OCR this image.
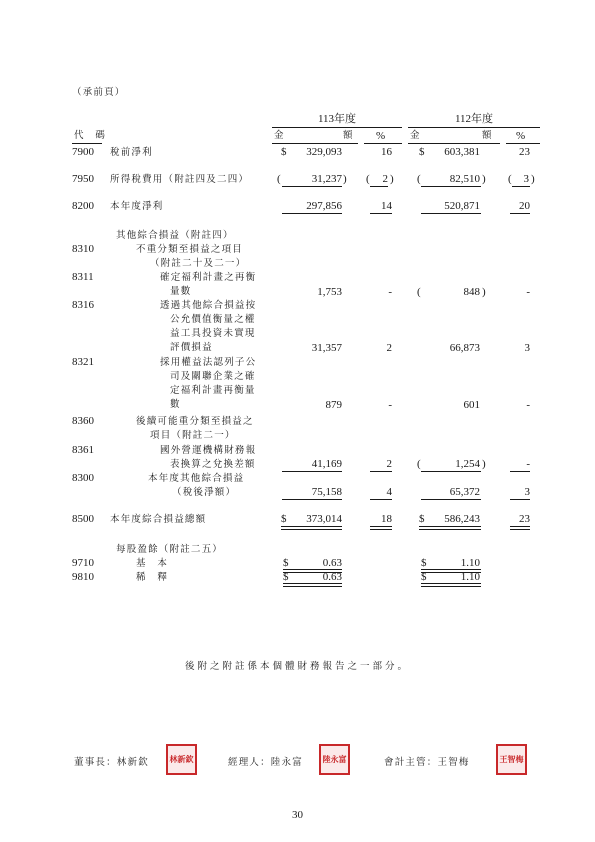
（承前頁）
113年度	112年度
代　碼	金	額 %	金	額 %
7900 稅前淨利	$	329,093	16 $	603,381	23
7950 所得稅費用（附註四及二四）	(	31,237 ) (	2 ) (	82,510 ) (	3 )
8200 本年度淨利	297,856	14	520,871	20
其他綜合損益（附註四）
8310	不重分類至損益之項目
（附註二十及二一）
8311	確定福利計畫之再衡
量數	1,753	- (	848 )	-
8316	透過其他綜合損益按
公允價值衡量之權
益工具投資未實現
評價損益	31,357	2	66,873	3
8321	採用權益法認列子公
司及關聯企業之確
定福利計畫再衡量
數	879	-	601	-
8360	後續可能重分類至損益之
項目（附註二一）
8361	國外營運機構財務報
表換算之兌換差額	41,169	2 (	1,254 )	-
8300	本年度其他綜合損益
（稅後淨額）	75,158	4	65,372	3
8500 本年度綜合損益總額	$	373,014	18 $	586,243	23
每股盈餘（附註二五）
9710	基　本	$	0.63	$	1.10
9810	稀　釋	$	0.63	$	1.10
後附之附註係本個體財務報告之一部分。
董事長：林新欽	林新欽	經理人：陸永富 陸永富	會計主管：王智梅	王智梅
30
